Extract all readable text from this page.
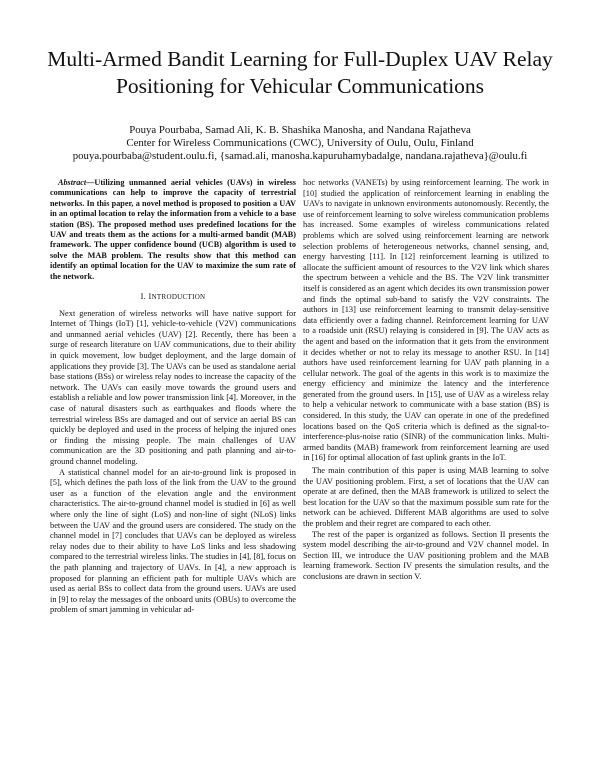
Multi-Armed Bandit Learning for Full-Duplex UAV Relay Positioning for Vehicular Communications
Pouya Pourbaba, Samad Ali, K. B. Shashika Manosha, and Nandana Rajatheva
Center for Wireless Communications (CWC), University of Oulu, Oulu, Finland
pouya.pourbaba@student.oulu.fi, {samad.ali, manosha.kapuruhamybadalge, nandana.rajatheva}@oulu.fi

Abstract—Utilizing unmanned aerial vehicles (UAVs) in wireless communications can help to improve the capacity of terrestrial networks. In this paper, a novel method is proposed to position a UAV in an optimal location to relay the information from a vehicle to a base station (BS). The proposed method uses predefined locations for the UAV and treats them as the actions for a multi-armed bandit (MAB) framework. The upper confidence bound (UCB) algorithm is used to solve the MAB problem. The results show that this method can identify an optimal location for the UAV to maximize the sum rate of the network.

I. INTRODUCTION

Next generation of wireless networks will have native support for Internet of Things (IoT) [1], vehicle-to-vehicle (V2V) communications and unmanned aerial vehicles (UAV) [2]. Recently, there has been a surge of research literature on UAV communications, due to their ability in quick movement, low budget deployment, and the large domain of applications they provide [3]. The UAVs can be used as standalone aerial base stations (BSs) or wireless relay nodes to increase the capacity of the network. The UAVs can easily move towards the ground users and establish a reliable and low power transmission link [4]. Moreover, in the case of natural disasters such as earthquakes and floods where the terrestrial wireless BSs are damaged and out of service an aerial BS can quickly be deployed and used in the process of helping the injured ones or finding the missing people. The main challenges of UAV communication are the 3D positioning and path planning and air-to-ground channel modeling.

A statistical channel model for an air-to-ground link is proposed in [5], which defines the path loss of the link from the UAV to the ground user as a function of the elevation angle and the environment characteristics. The air-to-ground channel model is studied in [6] as well where only the line of sight (LoS) and non-line of sight (NLoS) links between the UAV and the ground users are considered. The study on the channel model in [7] concludes that UAVs can be deployed as wireless relay nodes due to their ability to have LoS links and less shadowing compared to the terrestrial wireless links. The studies in [4], [8], focus on the path planning and trajectory of UAVs. In [4], a new approach is proposed for planning an efficient path for multiple UAVs which are used as aerial BSs to collect data from the ground users. UAVs are used in [9] to relay the messages of the onboard units (OBUs) to overcome the problem of smart jamming in vehicular ad-

hoc networks (VANETs) by using reinforcement learning. The work in [10] studied the application of reinforcement learning in enabling the UAVs to navigate in unknown environments autonomously. Recently, the use of reinforcement learning to solve wireless communication problems has increased. Some examples of wireless communications related problems which are solved using reinforcement learning are network selection problems of heterogeneous networks, channel sensing, and, energy harvesting [11]. In [12] reinforcement learning is utilized to allocate the sufficient amount of resources to the V2V link which shares the spectrum between a vehicle and the BS. The V2V link transmitter itself is considered as an agent which decides its own transmission power and finds the optimal sub-band to satisfy the V2V constraints. The authors in [13] use reinforcement learning to transmit delay-sensitive data efficiently over a fading channel. Reinforcement learning for UAV to a roadside unit (RSU) relaying is considered in [9]. The UAV acts as the agent and based on the information that it gets from the environment it decides whether or not to relay its message to another RSU. In [14] authors have used reinforcement learning for UAV path planning in a cellular network. The goal of the agents in this work is to maximize the energy efficiency and minimize the latency and the interference generated from the ground users. In [15], use of UAV as a wireless relay to help a vehicular network to communicate with a base station (BS) is considered. In this study, the UAV can operate in one of the predefined locations based on the QoS criteria which is defined as the signal-to-interference-plus-noise ratio (SINR) of the communication links. Multi-armed bandits (MAB) framework from reinforcement learning are used in [16] for optimal allocation of fast uplink grants in the IoT.

The main contribution of this paper is using MAB learning to solve the UAV positioning problem. First, a set of locations that the UAV can operate at are defined, then the MAB framework is utilized to select the best location for the UAV so that the maximum possible sum rate for the network can be achieved. Different MAB algorithms are used to solve the problem and their regret are compared to each other.

The rest of the paper is organized as follows. Section II presents the system model describing the air-to-ground and V2V channel model. In Section III, we introduce the UAV positioning problem and the MAB learning framework. Section IV presents the simulation results, and the conclusions are drawn in section V.
